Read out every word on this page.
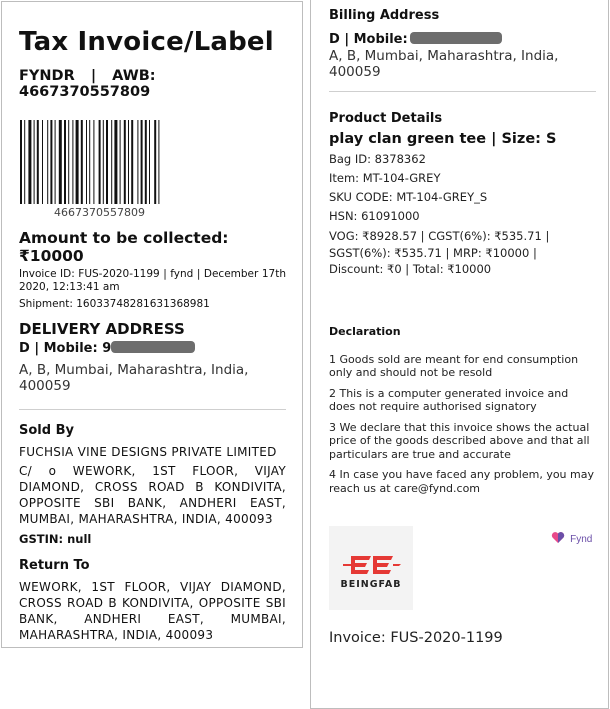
Tax Invoice/Label
FYNDR | AWB: 4667370557809
4667370557809
Amount to be collected: ₹10000
Invoice ID: FUS-2020-1199 | fynd | December 17th 2020, 12:13:41 am
Shipment: 16033748281631368981
DELIVERY ADDRESS
D | Mobile: 9
A, B, Mumbai, Maharashtra, India, 400059
Sold By
FUCHSIA VINE DESIGNS PRIVATE LIMITED
C/ o WEWORK, 1ST FLOOR, VIJAY DIAMOND, CROSS ROAD B KONDIVITA, OPPOSITE SBI BANK, ANDHERI EAST, MUMBAI, MAHARASHTRA, INDIA, 400093
GSTIN: null
Return To
WEWORK, 1ST FLOOR, VIJAY DIAMOND, CROSS ROAD B KONDIVITA, OPPOSITE SBI BANK, ANDHERI EAST, MUMBAI, MAHARASHTRA, INDIA, 400093
Billing Address
D | Mobile:
A, B, Mumbai, Maharashtra, India, 400059
Product Details
play clan green tee | Size: S
Bag ID: 8378362
Item: MT-104-GREY
SKU CODE: MT-104-GREY_S
HSN: 61091000
VOG: ₹8928.57 | CGST(6%): ₹535.71 |
SGST(6%): ₹535.71 | MRP: ₹10000 |
Discount: ₹0 | Total: ₹10000
Declaration

1 Goods sold are meant for end consumption only and should not be resold

2 This is a computer generated invoice and does not require authorised signatory

3 We declare that this invoice shows the actual price of the goods described above and that all particulars are true and accurate

4 In case you have faced any problem, you may reach us at care@fynd.com

BEINGFAB
Fynd
Invoice: FUS-2020-1199
